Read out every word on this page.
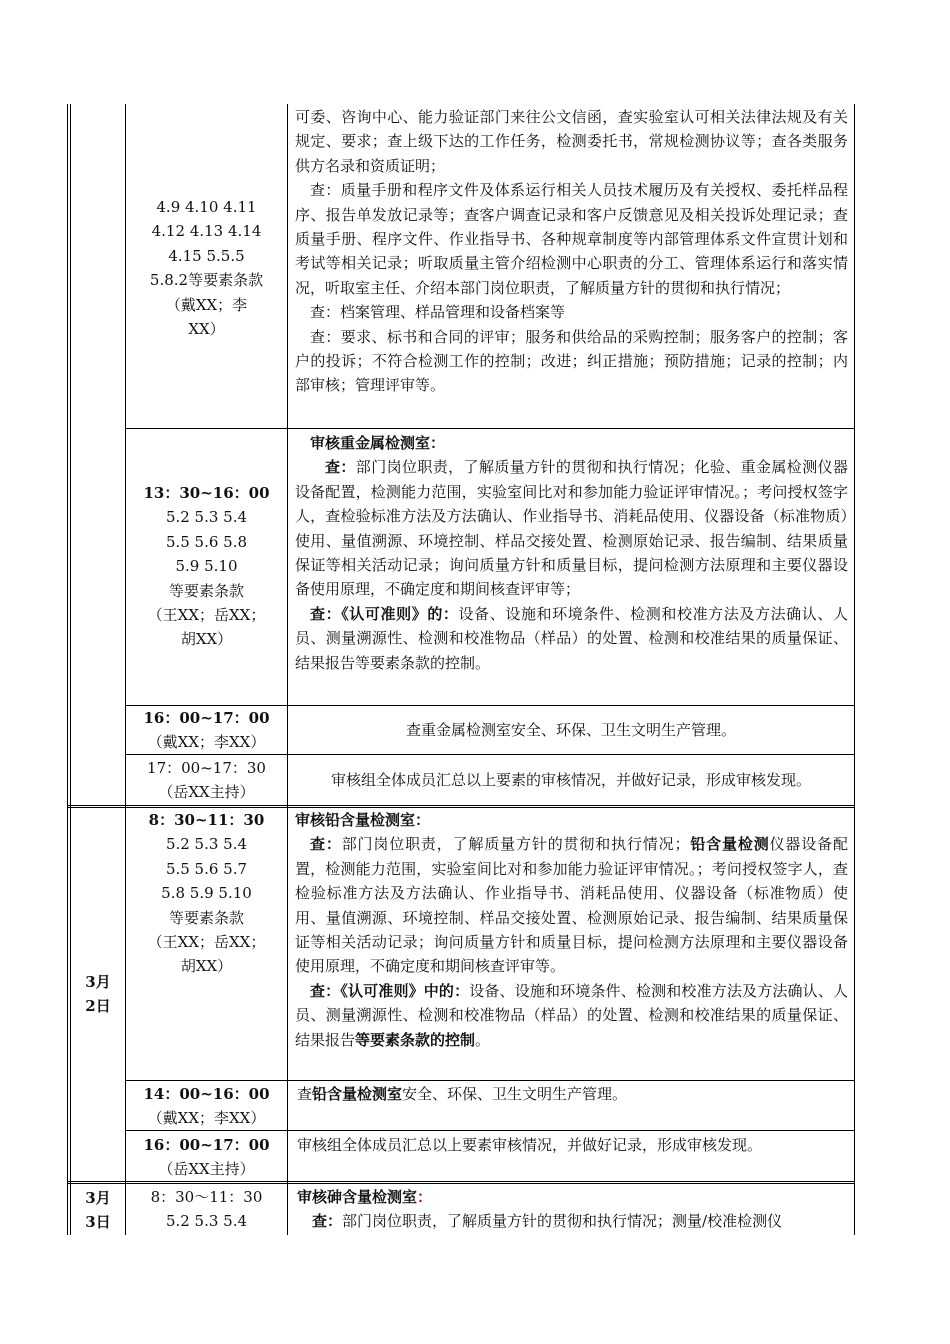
3月
2日
3月
3日
4.9 4.10 4.11
4.12 4.13 4.14
4.15 5.5.5
5.8.2等要素条款
（戴XX；李
XX）

可委、咨询中心、能力验证部门来往公文信函，查实验室认可相关法律法规及有关规定、要求；查上级下达的工作任务，检测委托书，常规检测协议等；查各类服务供方名录和资质证明；

查：质量手册和程序文件及体系运行相关人员技术履历及有关授权、委托样品程序、报告单发放记录等；查客户调查记录和客户反馈意见及相关投诉处理记录；查质量手册、程序文件、作业指导书、各种规章制度等内部管理体系文件宣贯计划和考试等相关记录；听取质量主管介绍检测中心职责的分工、管理体系运行和落实情况，听取室主任、介绍本部门岗位职责，了解质量方针的贯彻和执行情况；

查：档案管理、样品管理和设备档案等

查：要求、标书和合同的评审；服务和供给品的采购控制；服务客户的控制；客户的投诉；不符合检测工作的控制；改进；纠正措施；预防措施；记录的控制；内部审核；管理评审等。

13：30~16：00
5.2 5.3 5.4
5.5 5.6 5.8
5.9 5.10
等要素条款
（王XX；岳XX；
胡XX）

审核重金属检测室：

查：部门岗位职责，了解质量方针的贯彻和执行情况；化验、重金属检测仪器设备配置，检测能力范围，实验室间比对和参加能力验证评审情况。；考问授权签字人，查检验标准方法及方法确认、作业指导书、消耗品使用、仪器设备（标准物质）使用、量值溯源、环境控制、样品交接处置、检测原始记录、报告编制、结果质量保证等相关活动记录；询问质量方针和质量目标，提问检测方法原理和主要仪器设备使用原理，不确定度和期间核查评审等；

查：《认可准则》的：设备、设施和环境条件、检测和校准方法及方法确认、人员、测量溯源性、检测和校准物品（样品）的处置、检测和校准结果的质量保证、结果报告等要素条款的控制。

16：00~17：00
（戴XX；李XX）
查重金属检测室安全、环保、卫生文明生产管理。
17：00~17：30
（岳XX主持）
审核组全体成员汇总以上要素的审核情况，并做好记录，形成审核发现。
8：30~11：30
5.2 5.3 5.4
5.5 5.6 5.7
5.8 5.9 5.10
等要素条款
（王XX；岳XX；
胡XX）

审核铅含量检测室：

查：部门岗位职责，了解质量方针的贯彻和执行情况；铅含量检测仪器设备配置，检测能力范围，实验室间比对和参加能力验证评审情况。；考问授权签字人，查检验标准方法及方法确认、作业指导书、消耗品使用、仪器设备（标准物质）使用、量值溯源、环境控制、样品交接处置、检测原始记录、报告编制、结果质量保证等相关活动记录；询问质量方针和质量目标，提问检测方法原理和主要仪器设备使用原理，不确定度和期间核查评审等。

查：《认可准则》中的：设备、设施和环境条件、检测和校准方法及方法确认、人员、测量溯源性、检测和校准物品（样品）的处置、检测和校准结果的质量保证、结果报告等要素条款的控制。

14：00~16：00
（戴XX；李XX）
查铅含量检测室安全、环保、卫生文明生产管理。
16：00~17：00
（岳XX主持）
审核组全体成员汇总以上要素审核情况，并做好记录，形成审核发现。
8：30～11：30
5.2 5.3 5.4

审核砷含量检测室：

查：部门岗位职责，了解质量方针的贯彻和执行情况；测量/校准检测仪
